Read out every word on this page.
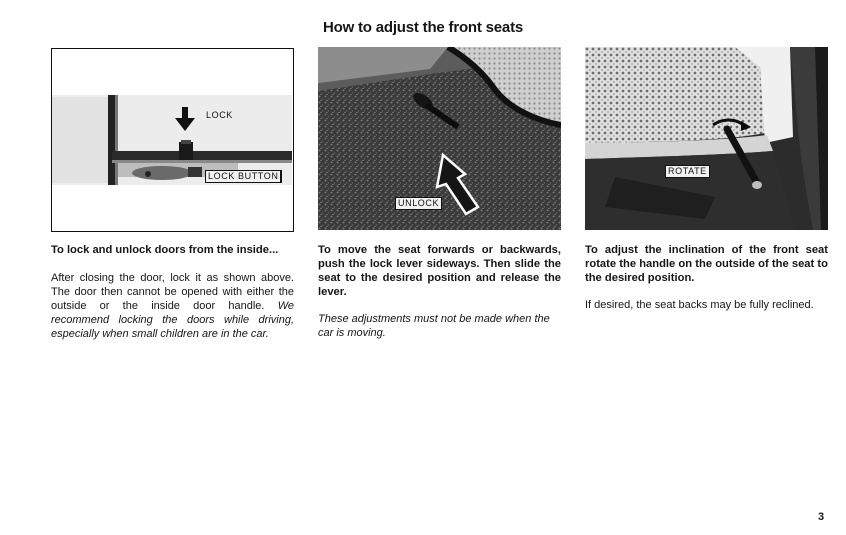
How to adjust the front seats
LOCK
LOCK BUTTON
UNLOCK
ROTATE
To lock and unlock doors from the inside...

After closing the door, lock it as shown above. The door then cannot be opened with either the outside or the inside door handle. We recommend locking the doors while driving, especially when small children are in the car.

To move the seat forwards or backwards, push the lock lever sideways. Then slide the seat to the desired position and release the lever.

These adjustments must not be made when the car is moving.

To adjust the inclination of the front seat rotate the handle on the outside of the seat to the desired position.

If desired, the seat backs may be fully reclined.

3
